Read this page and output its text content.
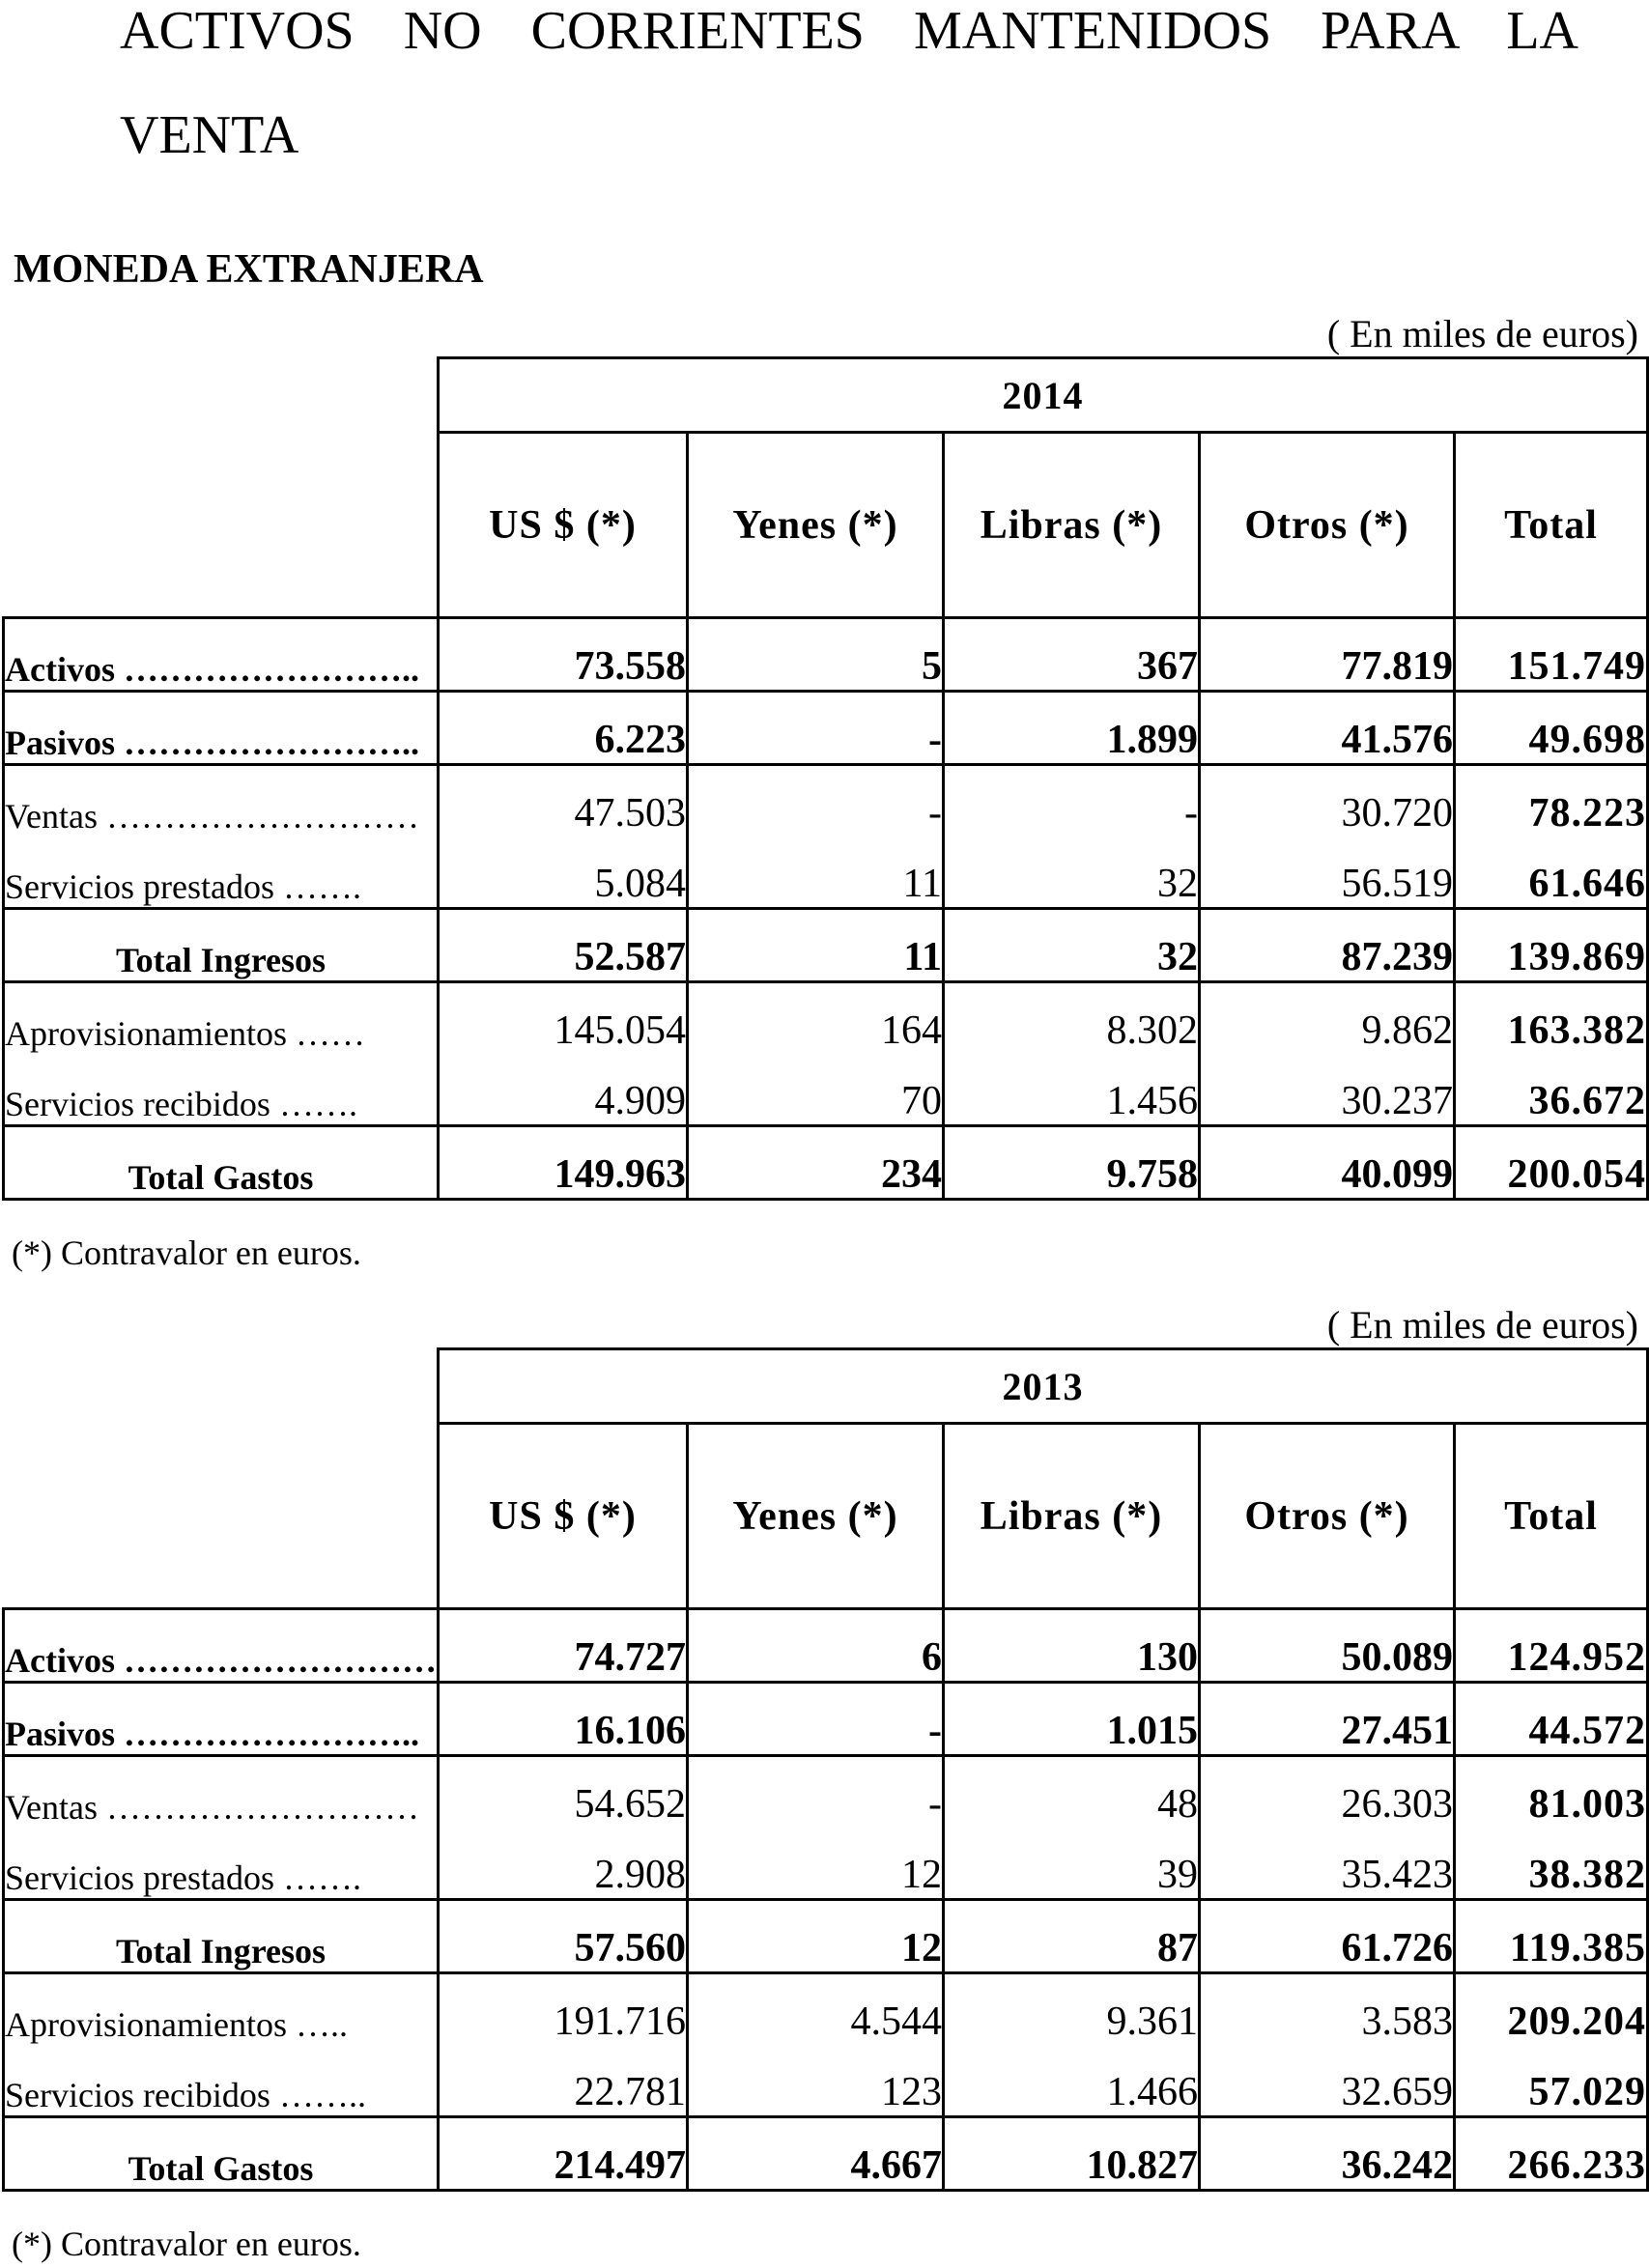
ACTIVOS NO CORRIENTES MANTENIDOS PARA LA VENTA
MONEDA EXTRANJERA
( En miles de euros)
	2014				
	US $ (*)	Yenes (*)	Libras (*)	Otros (*)	Total
Activos ……………………..	73.558	5	367	77.819	151.749
Pasivos ……………………..	6.223	-	1.899	41.576	49.698
Ventas ………………………	47.503	-	-	30.720	78.223
Servicios prestados …….	5.084	11	32	56.519	61.646
Total Ingresos	52.587	11	32	87.239	139.869
Aprovisionamientos ……	145.054	164	8.302	9.862	163.382
Servicios recibidos …….	4.909	70	1.456	30.237	36.672
Total Gastos	149.963	234	9.758	40.099	200.054
(*) Contravalor en euros.
( En miles de euros)
	2013				
	US $ (*)	Yenes (*)	Libras (*)	Otros (*)	Total
Activos ………………………	74.727	6	130	50.089	124.952
Pasivos ……………………..	16.106	-	1.015	27.451	44.572
Ventas ………………………	54.652	-	48	26.303	81.003
Servicios prestados …….	2.908	12	39	35.423	38.382
Total Ingresos	57.560	12	87	61.726	119.385
Aprovisionamientos …..	191.716	4.544	9.361	3.583	209.204
Servicios recibidos ……..	22.781	123	1.466	32.659	57.029
Total Gastos	214.497	4.667	10.827	36.242	266.233
(*) Contravalor en euros.
